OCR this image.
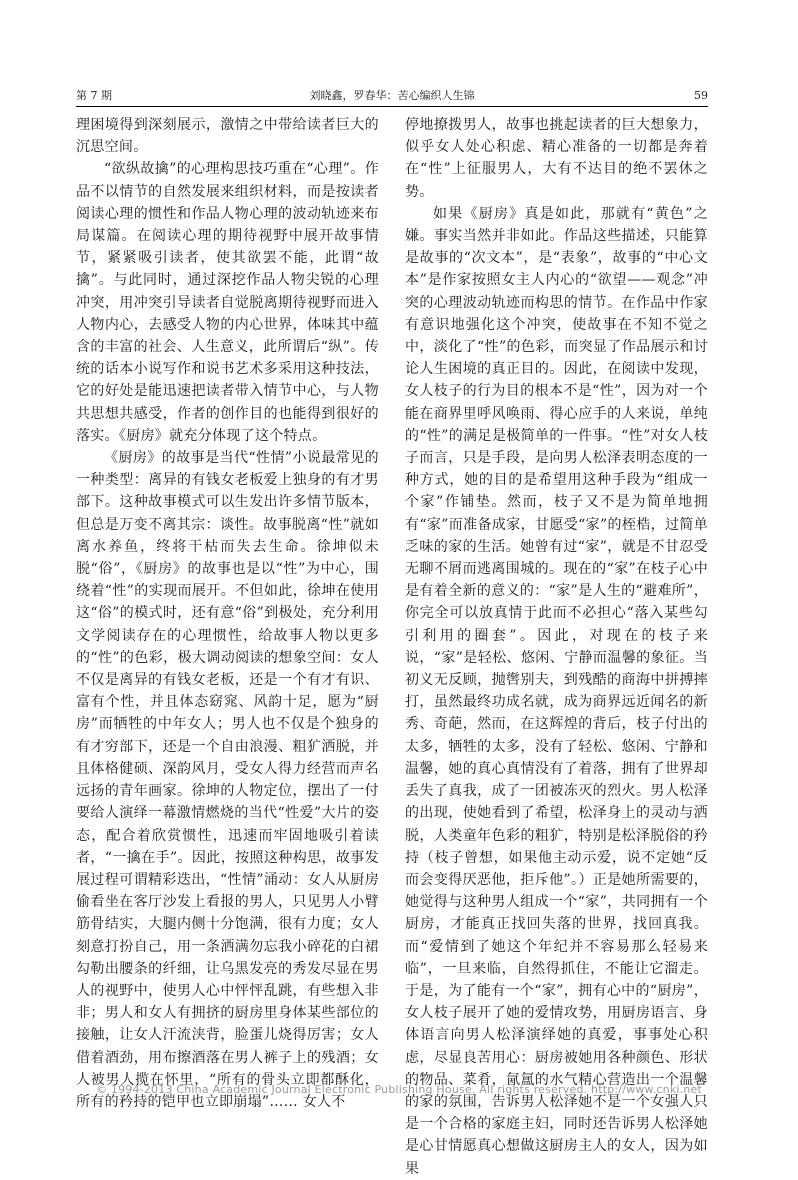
第 7 期	刘晓鑫，罗春华：苦心编织人生锦	59

理困境得到深刻展示，激情之中带给读者巨大的沉思空间。

“欲纵故擒”的心理构思技巧重在“心理”。作品不以情节的自然发展来组织材料，而是按读者阅读心理的惯性和作品人物心理的波动轨迹来布局谋篇。在阅读心理的期待视野中展开故事情节，紧紧吸引读者，使其欲罢不能，此谓“故擒”。与此同时，通过深挖作品人物尖锐的心理冲突，用冲突引导读者自觉脱离期待视野而进入人物内心，去感受人物的内心世界，体味其中蕴含的丰富的社会、人生意义，此所谓后“纵”。传统的话本小说写作和说书艺术多采用这种技法，它的好处是能迅速把读者带入情节中心，与人物共思想共感受，作者的创作目的也能得到很好的落实。《厨房》就充分体现了这个特点。

《厨房》的故事是当代“性情”小说最常见的一种类型：离异的有钱女老板爱上独身的有才男部下。这种故事模式可以生发出许多情节版本，但总是万变不离其宗：谈性。故事脱离“性”就如离水养鱼，终将干枯而失去生命。徐坤似未脱“俗”，《厨房》的故事也是以“性”为中心，围绕着“性”的实现而展开。不但如此，徐坤在使用这“俗”的模式时，还有意“俗”到极处，充分利用文学阅读存在的心理惯性，给故事人物以更多的“性”的色彩，极大调动阅读的想象空间：女人不仅是离异的有钱女老板，还是一个有才有识、富有个性，并且体态窈窕、风韵十足，愿为“厨房”而牺牲的中年女人；男人也不仅是个独身的有才穷部下，还是一个自由浪漫、粗犷洒脱，并且体格健硕、深韵风月，受女人得力经营而声名远扬的青年画家。徐坤的人物定位，摆出了一付要给人演绎一幕激情燃烧的当代“性爱”大片的姿态，配合着欣赏惯性，迅速而牢固地吸引着读者，“一擒在手”。因此，按照这种构思，故事发展过程可谓精彩迭出，“性情”涌动：女人从厨房偷看坐在客厅沙发上看报的男人，只见男人小臂筋骨结实，大腿内侧十分饱满，很有力度；女人刻意打扮自己，用一条洒满勿忘我小碎花的白裙勾勒出腰条的纤细，让乌黑发亮的秀发尽显在男人的视野中，使男人心中怦怦乱跳，有些想入非非；男人和女人有拥挤的厨房里身体某些部位的接触，让女人汗流浃背，脸蛋儿烧得厉害；女人借着酒劲，用布擦酒落在男人裤子上的残酒；女人被男人揽在怀里，“所有的骨头立即都酥化，所有的矜持的铠甲也立即崩塌”…… 女人不

停地撩拨男人，故事也挑起读者的巨大想象力，似乎女人处心积虑、精心准备的一切都是奔着在“性”上征服男人，大有不达目的绝不罢休之势。

如果《厨房》真是如此，那就有“黄色”之嫌。事实当然并非如此。作品这些描述，只能算是故事的“次文本”，是“表象”，故事的“中心文本”是作家按照女主人内心的“欲望——观念”冲突的心理波动轨迹而构思的情节。在作品中作家有意识地强化这个冲突，使故事在不知不觉之中，淡化了“性”的色彩，而突显了作品展示和讨论人生困境的真正目的。因此，在阅读中发现，女人枝子的行为目的根本不是“性”，因为对一个能在商界里呼风唤雨、得心应手的人来说，单纯的“性”的满足是极简单的一件事。“性”对女人枝子而言，只是手段，是向男人松泽表明态度的一种方式，她的目的是希望用这种手段为“组成一个家”作铺垫。然而，枝子又不是为简单地拥有“家”而准备成家，甘愿受“家”的桎梏，过简单乏味的家的生活。她曾有过“家”，就是不甘忍受无聊不屑而逃离围城的。现在的“家”在枝子心中是有着全新的意义的：“家”是人生的“避难所”，你完全可以放真情于此而不必担心“落入某些勾引利用的圈套”。因此，对现在的枝子来说，“家”是轻松、悠闲、宁静而温馨的象征。当初义无反顾，抛辔别夫，到残酷的商海中拼搏摔打，虽然最终功成名就，成为商界远近闻名的新秀、奇葩，然而，在这辉煌的背后，枝子付出的太多，牺牲的太多，没有了轻松、悠闲、宁静和温馨，她的真心真情没有了着落，拥有了世界却丢失了真我，成了一团被冻灭的烈火。男人松泽的出现，使她看到了希望，松泽身上的灵动与洒脱，人类童年色彩的粗犷，特别是松泽脱俗的矜持（枝子曾想，如果他主动示爱，说不定她“反而会变得厌恶他，拒斥他”。）正是她所需要的，她觉得与这种男人组成一个“家”，共同拥有一个厨房，才能真正找回失落的世界，找回真我。而“爱情到了她这个年纪并不容易那么轻易来临”，一旦来临，自然得抓住，不能让它溜走。于是，为了能有一个“家”，拥有心中的“厨房”，女人枝子展开了她的爱情攻势，用厨房语言、身体语言向男人松泽演绎她的真爱，事事处心积虑，尽显良苦用心：厨房被她用各种颜色、形状的物品、菜肴，氤氲的水气精心营造出一个温馨的家的氛围，告诉男人松泽她不是一个女强人只是一个合格的家庭主妇，同时还告诉男人松泽她是心甘情愿真心想做这厨房主人的女人，因为如果

© 1994-2013 China Academic Journal Electronic Publishing House. All rights reserved. http://www.cnki.net
